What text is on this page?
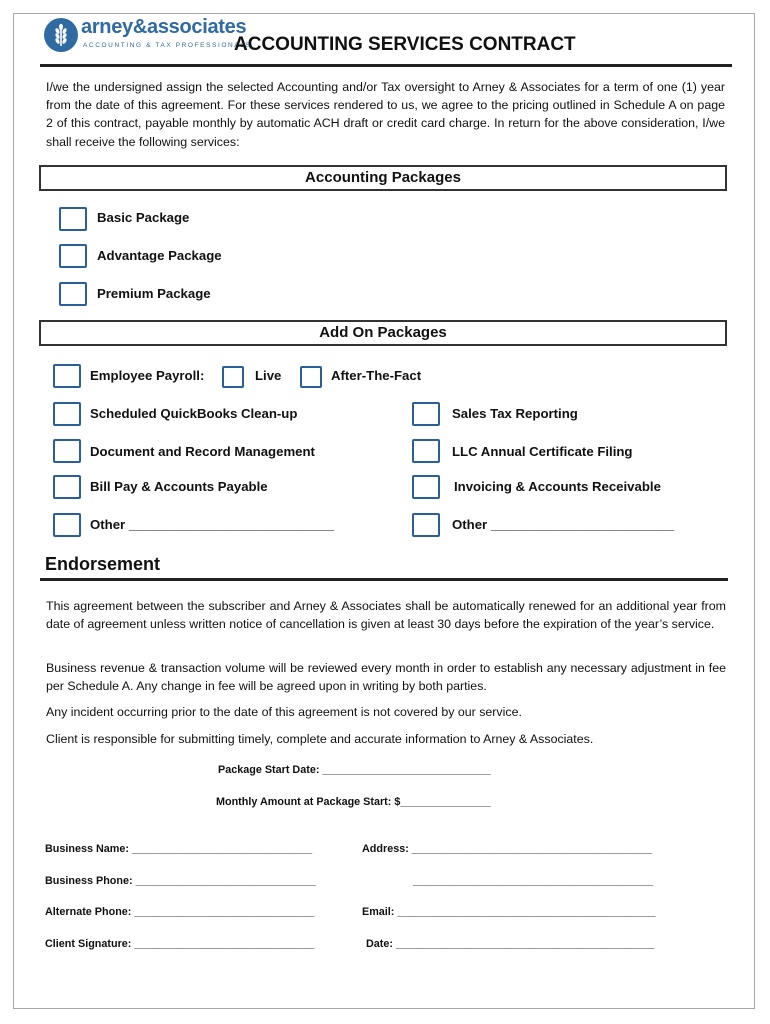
arney&associates
ACCOUNTING & TAX PROFESSIONALS
ACCOUNTING SERVICES CONTRACT
I/we the undersigned assign the selected Accounting and/or Tax oversight to Arney & Associates for a term of one (1) year from the date of this agreement. For these services rendered to us, we agree to the pricing outlined in Schedule A on page 2 of this contract, payable monthly by automatic ACH draft or credit card charge. In return for the above consideration, I/we shall receive the following services:
Accounting Packages
Basic Package
Advantage Package
Premium Package
Add On Packages
Employee Payroll:	Live	After-The-Fact
Scheduled QuickBooks Clean-up	Sales Tax Reporting
Document and Record Management	LLC Annual Certificate Filing
Bill Pay & Accounts Payable	Invoicing & Accounts Receivable
Other ____________________________	Other _________________________
Endorsement
This agreement between the subscriber and Arney & Associates shall be automatically renewed for an additional year from date of agreement unless written notice of cancellation is given at least 30 days before the expiration of the year’s service.
Business revenue & transaction volume will be reviewed every month in order to establish any necessary adjustment in fee per Schedule A. Any change in fee will be agreed upon in writing by both parties.
Any incident occurring prior to the date of this agreement is not covered by our service.
Client is responsible for submitting timely, complete and accurate information to Arney & Associates.
Package Start Date: ____________________________
Monthly Amount at Package Start: $_______________
Business Name: ______________________________	Address: ________________________________________
Business Phone: ______________________________	________________________________________
Alternate Phone: ______________________________	Email: ___________________________________________
Client Signature: ______________________________	Date: ___________________________________________
